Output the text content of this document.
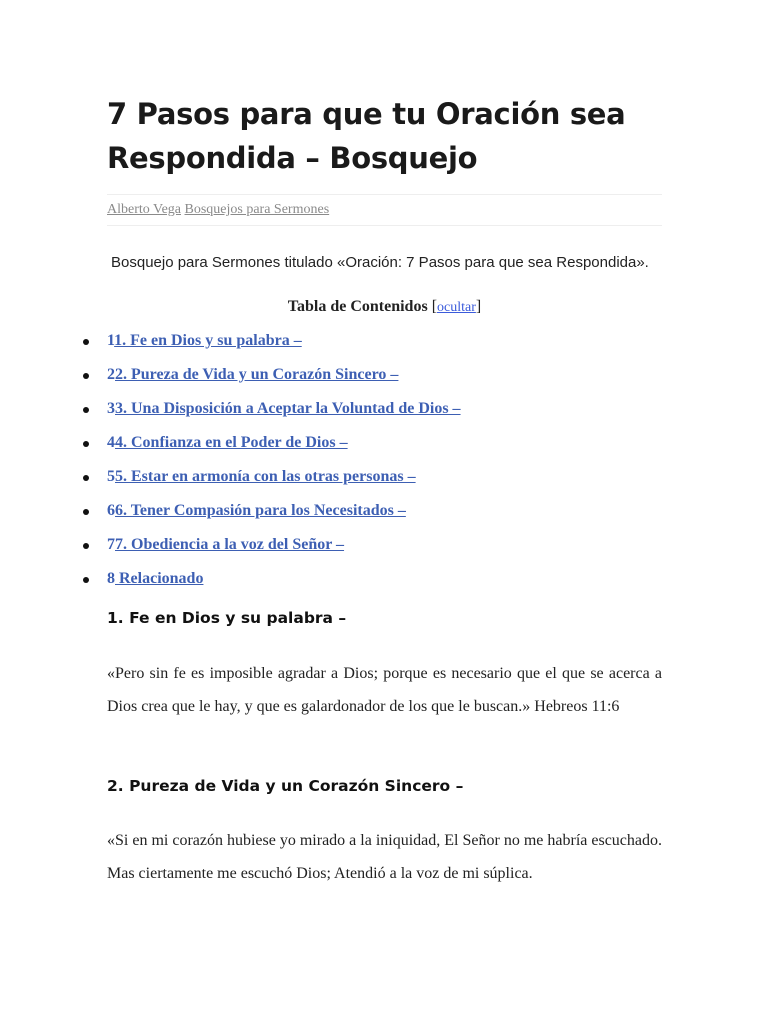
7 Pasos para que tu Oración sea Respondida – Bosquejo
Alberto Vega Bosquejos para Sermones

Bosquejo para Sermones titulado «Oración: 7 Pasos para que sea Respondida».

Tabla de Contenidos [ocultar]
11. Fe en Dios y su palabra –
22. Pureza de Vida y un Corazón Sincero –
33. Una Disposición a Aceptar la Voluntad de Dios –
44. Confianza en el Poder de Dios –
55. Estar en armonía con las otras personas –
66. Tener Compasión para los Necesitados –
77. Obediencia a la voz del Señor –
8 Relacionado
1. Fe en Dios y su palabra –

«Pero sin fe es imposible agradar a Dios; porque es necesario que el que se acerca a Dios crea que le hay, y que es galardonador de los que le buscan.» Hebreos 11:6

2. Pureza de Vida y un Corazón Sincero –

«Si en mi corazón hubiese yo mirado a la iniquidad, El Señor no me habría escuchado. Mas ciertamente me escuchó Dios; Atendió a la voz de mi súplica.
